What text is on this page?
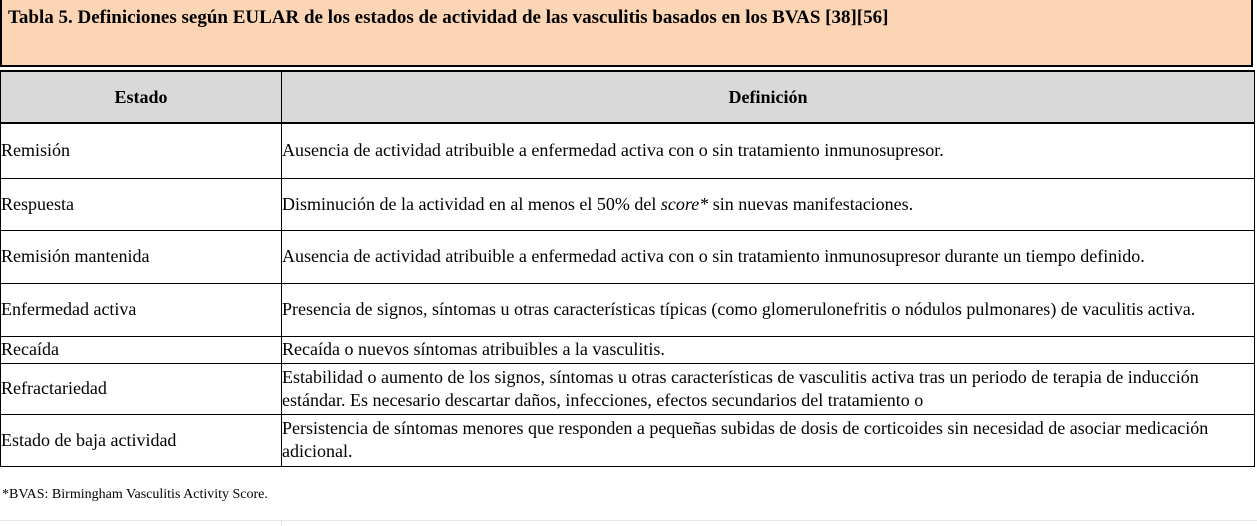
Tabla 5. Definiciones según EULAR de los estados de actividad de las vasculitis basados en los BVAS [38][56]
Estado	Definición
Remisión	Ausencia de actividad atribuible a enfermedad activa con o sin tratamiento inmunosupresor.
Respuesta	Disminución de la actividad en al menos el 50% del score* sin nuevas manifestaciones.
Remisión mantenida	Ausencia de actividad atribuible a enfermedad activa con o sin tratamiento inmunosupresor durante un tiempo definido.
Enfermedad activa	Presencia de signos, síntomas u otras características típicas (como glomerulonefritis o nódulos pulmonares) de vaculitis activa.
Recaída	Recaída o nuevos síntomas atribuibles a la vasculitis.
Refractariedad	Estabilidad o aumento de los signos, síntomas u otras características de vasculitis activa tras un periodo de terapia de inducción estándar. Es necesario descartar daños, infecciones, efectos secundarios del tratamiento o

Estado de baja actividad	Persistencia de síntomas menores que responden a pequeñas subidas de dosis de corticoides sin necesidad de asociar medicación adicional.
*BVAS: Birmingham Vasculitis Activity Score.
